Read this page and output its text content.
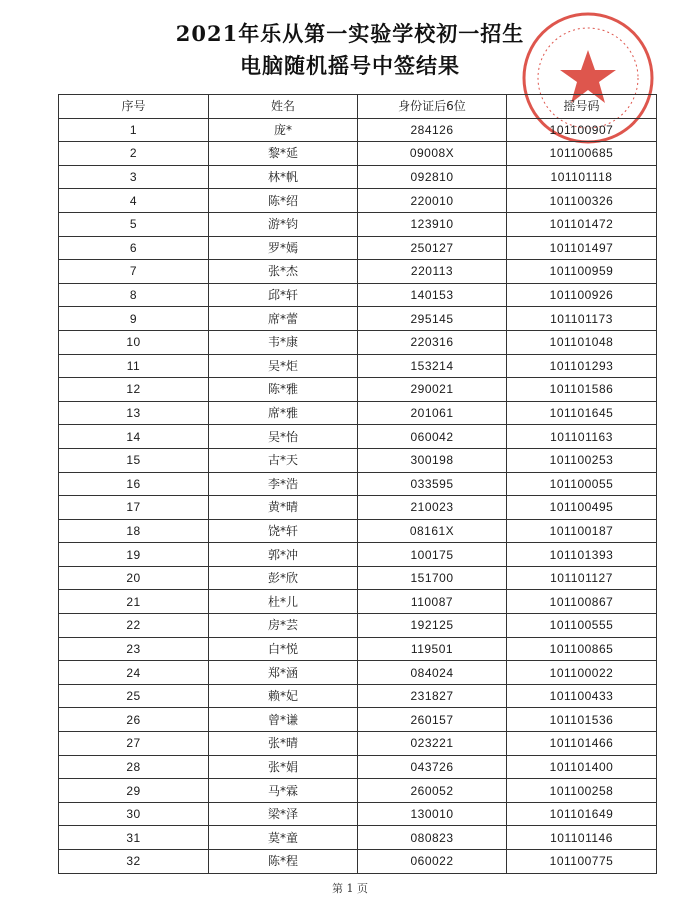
2021年乐从第一实验学校初一招生
电脑随机摇号中签结果
序号	姓名	身份证后6位	摇号码
1	庞*	284126	101100907
2	黎*延	09008X	101100685
3	林*帆	092810	101101118
4	陈*绍	220010	101100326
5	游*钧	123910	101101472
6	罗*嫣	250127	101101497
7	张*杰	220113	101100959
8	邱*轩	140153	101100926
9	席*蕾	295145	101101173
10	韦*康	220316	101101048
11	吴*炬	153214	101101293
12	陈*雅	290021	101101586
13	席*雅	201061	101101645
14	吴*怡	060042	101101163
15	古*天	300198	101100253
16	李*浩	033595	101100055
17	黄*晴	210023	101100495
18	饶*轩	08161X	101100187
19	郭*冲	100175	101101393
20	彭*欣	151700	101101127
21	杜*儿	110087	101100867
22	房*芸	192125	101100555
23	白*悦	119501	101100865
24	郑*涵	084024	101100022
25	赖*妃	231827	101100433
26	曾*谦	260157	101101536
27	张*晴	023221	101101466
28	张*娟	043726	101101400
29	马*霖	260052	101100258
30	梁*泽	130010	101101649
31	莫*童	080823	101101146
32	陈*程	060022	101100775
第 1 页
